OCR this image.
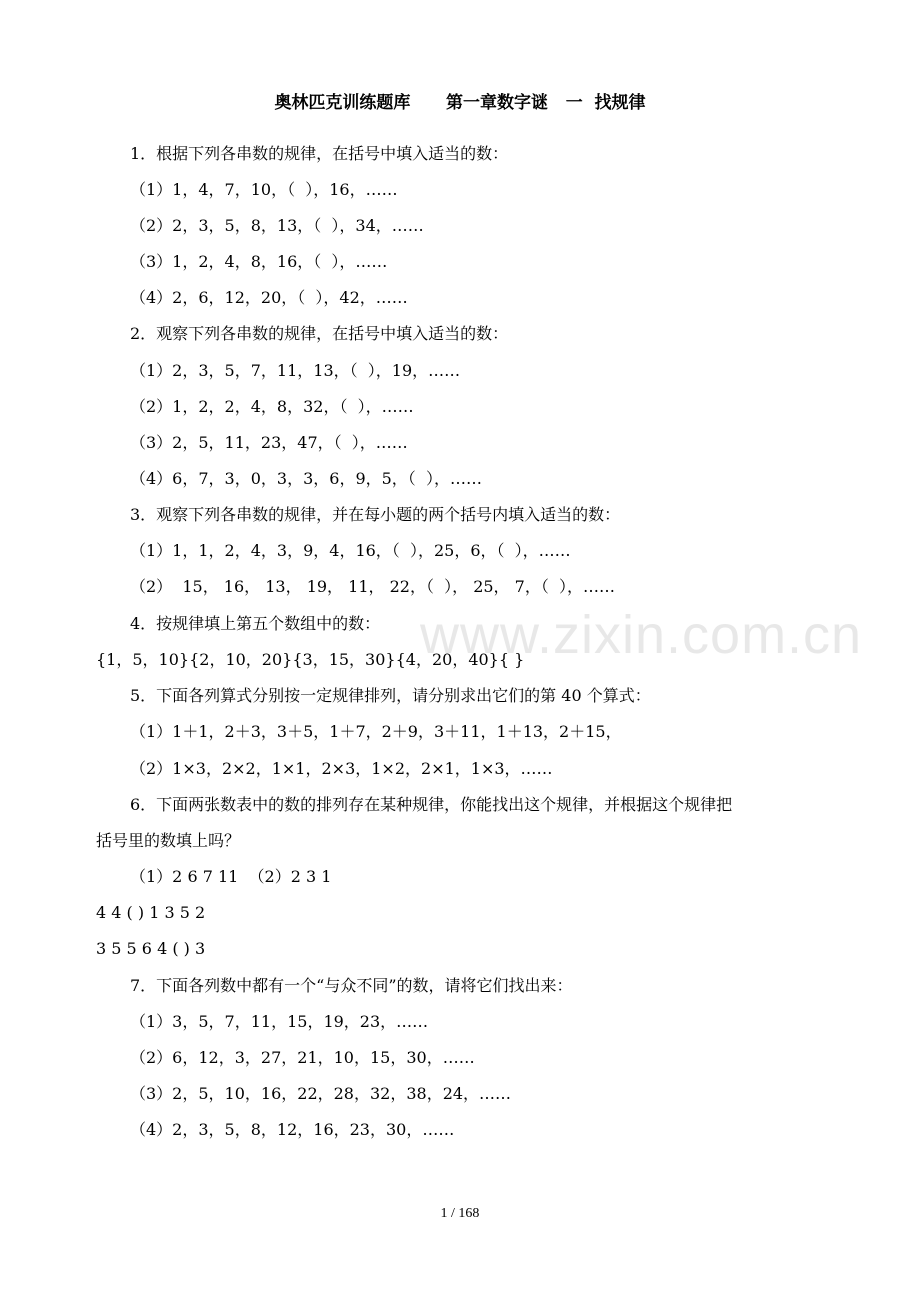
奥林匹克训练题库      第一章数字谜   一  找规律
1．根据下列各串数的规律，在括号中填入适当的数：
（1）1，4，7，10，（  ），16，……
（2）2，3，5，8，13，（  ），34，……
（3）1，2，4，8，16，（  ），……
（4）2，6，12，20，（  ），42，……
2．观察下列各串数的规律，在括号中填入适当的数：
（1）2，3，5，7，11，13，（  ），19，……
（2）1，2，2，4，8，32，（  ），……
（3）2，5，11，23，47，（  ），……
（4）6，7，3，0，3，3，6，9，5，（  ），……
3．观察下列各串数的规律，并在每小题的两个括号内填入适当的数：
（1）1，1，2，4，3，9，4，16，（  ），25，6，（  ），……
（2）  15， 16， 13， 19， 11， 22，（  ）， 25， 7，（  ），……
4．按规律填上第五个数组中的数：
{1，5，10}{2，10，20}{3，15，30}{4，20，40}{ }
5．下面各列算式分别按一定规律排列，请分别求出它们的第 40 个算式：
（1）1＋1，2＋3，3＋5，1＋7，2＋9，3＋11，1＋13，2＋15，
（2）1×3，2×2，1×1，2×3，1×2，2×1，1×3，……
6．下面两张数表中的数的排列存在某种规律，你能找出这个规律，并根据这个规律把
括号里的数填上吗？
（1）2 6 7 11  （2）2 3 1
4 4 ( ) 1 3 5 2
3 5 5 6 4 ( ) 3
7．下面各列数中都有一个“与众不同”的数，请将它们找出来：
（1）3，5，7，11，15，19，23，……
（2）6，12，3，27，21，10，15，30，……
（3）2，5，10，16，22，28，32，38，24，……
（4）2，3，5，8，12，16，23，30，……
www.zixin.com.cn
1 / 168
